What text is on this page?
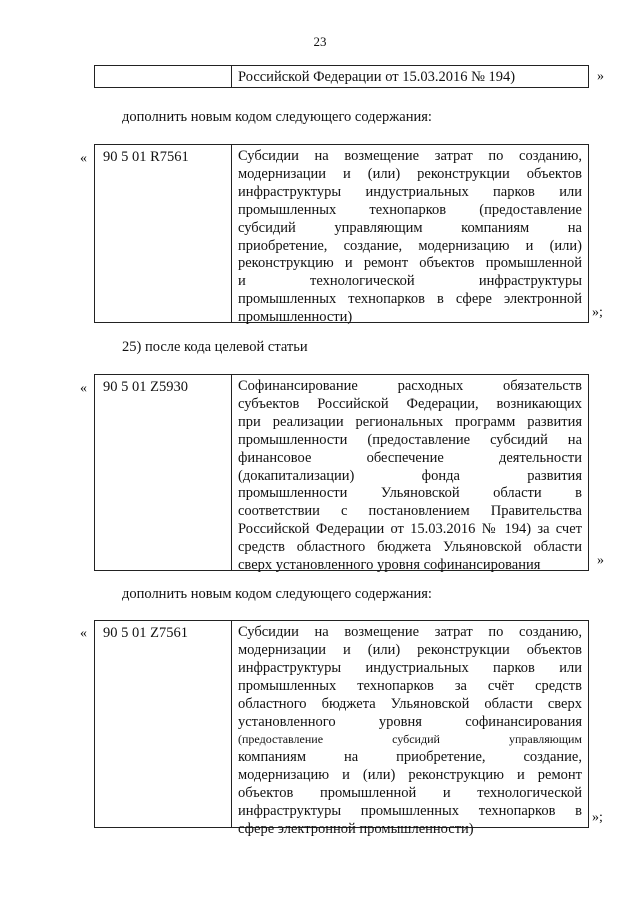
23
Российской Федерации от 15.03.2016 № 194)	»
дополнить новым кодом следующего содержания:
«	90 5 01 R7561	Субсидии на возмещение затрат по созданию,
модернизации и (или) реконструкции объектов
инфраструктуры индустриальных парков или
промышленных технопарков (предоставление
субсидий управляющим компаниям на
приобретение, создание, модернизацию и (или)
реконструкцию и ремонт объектов промышленной
и технологической инфраструктуры
промышленных технопарков в сфере электронной
промышленности)	»;
25) после кода целевой статьи
«	90 5 01 Z5930	Софинансирование расходных обязательств
субъектов Российской Федерации, возникающих
при реализации региональных программ развития
промышленности (предоставление субсидий на
финансовое обеспечение деятельности
(докапитализации) фонда развития
промышленности Ульяновской области в
соответствии с постановлением Правительства
Российской Федерации от 15.03.2016 № 194) за счет
средств областного бюджета Ульяновской области
сверх установленного уровня софинансирования	»
дополнить новым кодом следующего содержания:
«	90 5 01 Z7561	Субсидии на возмещение затрат по созданию,
модернизации и (или) реконструкции объектов
инфраструктуры индустриальных парков или
промышленных технопарков за счёт средств
областного бюджета Ульяновской области сверх
установленного уровня софинансирования
(предоставление субсидий управляющим
компаниям на приобретение, создание,
модернизацию и (или) реконструкцию и ремонт
объектов промышленной и технологической
инфраструктуры промышленных технопарков в
сфере электронной промышленности)
»;
